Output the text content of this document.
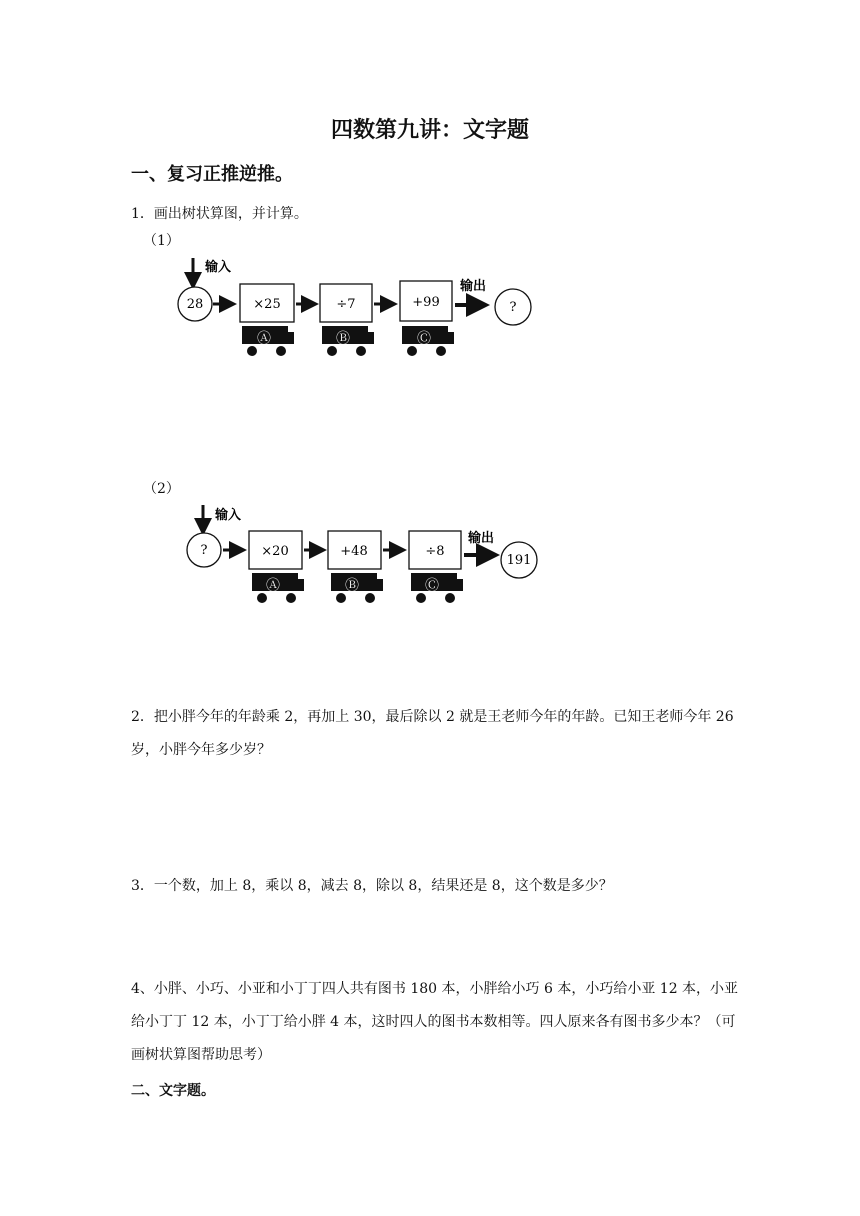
四数第九讲：文字题
一、复习正推逆推。
1．画出树状算图，并计算。
（1）
输入
28	×25	÷7	+99
输出
?
Ⓐ	Ⓑ	Ⓒ
（2）
输入
?	×20	+48	÷8
输出
191
Ⓐ	Ⓑ	Ⓒ
2．把小胖今年的年龄乘 2，再加上 30，最后除以 2 就是王老师今年的年龄。已知王老师今年 26 岁，小胖今年多少岁？
3．一个数，加上 8，乘以 8，减去 8，除以 8，结果还是 8，这个数是多少？
4、小胖、小巧、小亚和小丁丁四人共有图书 180 本，小胖给小巧 6 本，小巧给小亚 12 本，小亚给小丁丁 12 本，小丁丁给小胖 4 本，这时四人的图书本数相等。四人原来各有图书多少本？（可画树状算图帮助思考）
二、文字题。
